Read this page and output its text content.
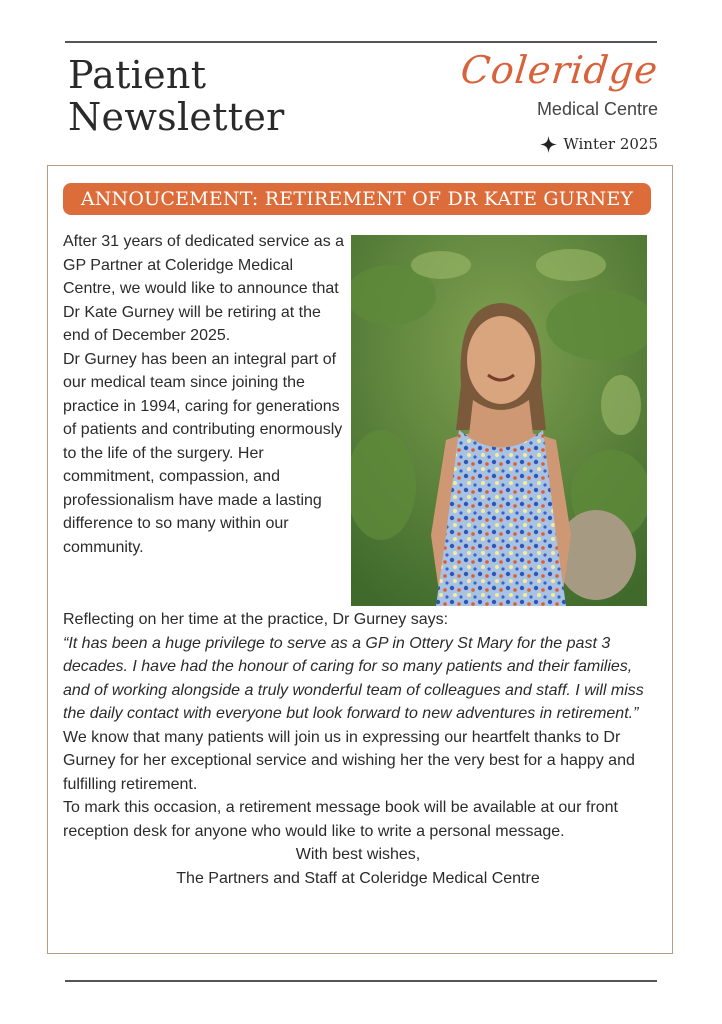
Patient
Newsletter
Coleridge
Medical Centre
Winter 2025
ANNOUCEMENT: RETIREMENT OF DR KATE GURNEY

After 31 years of dedicated service as a GP Partner at Coleridge Medical Centre, we would like to announce that Dr Kate Gurney will be retiring at the end of December 2025.

Dr Gurney has been an integral part of our medical team since joining the practice in 1994, caring for generations of patients and contributing enormously to the life of the surgery. Her commitment, compassion, and professionalism have made a lasting difference to so many within our community.

Reflecting on her time at the practice, Dr Gurney says:

“It has been a huge privilege to serve as a GP in Ottery St Mary for the past 3 decades. I have had the honour of caring for so many patients and their families, and of working alongside a truly wonderful team of colleagues and staff. I will miss the daily contact with everyone but look forward to new adventures in retirement.”

We know that many patients will join us in expressing our heartfelt thanks to Dr Gurney for her exceptional service and wishing her the very best for a happy and fulfilling retirement.

To mark this occasion, a retirement message book will be available at our front reception desk for anyone who would like to write a personal message.

With best wishes,

The Partners and Staff at Coleridge Medical Centre
